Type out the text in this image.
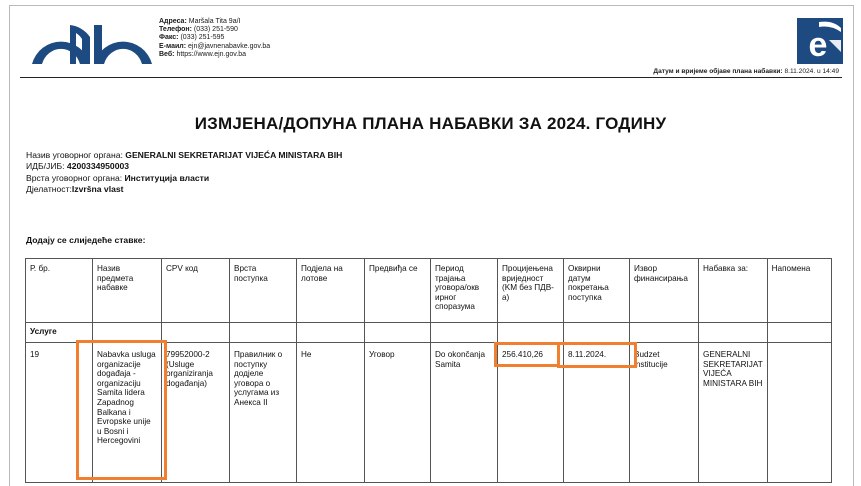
Адреса: Maršala Tita 9a/I
Телефон: (033) 251-590
Факс: (033) 251-595
E-маил: ejn@javnenabavke.gov.ba
Веб: https://www.ejn.gov.ba	e
Датум и вријеме објаве плана набавки: 8.11.2024. u 14:49
ИЗМЈЕНА/ДОПУНА ПЛАНА НАБАВКИ ЗА 2024. ГОДИНУ
Назив уговорног органа: GENERALNI SEKRETARIJAT VIJEĆA MINISTARA BIH
ИДБ/ЈИБ: 4200334950003
Врста уговорног органа: Институција власти
Дјелатност:Izvršna vlast
Додају се слиједеће ставке:
Р. бр.	Назив предмета набавке	CPV код	Врста поступка	Подјела на лотове	Предвиђа се	Период трајања уговора/окв ирног споразума	Процијењена вриједност (KM без ПДВ-а)	Оквирни датум покретања поступка	Извор финансирања	Набавка за:	Напомена
Услуге											
19	Nabavka usluga organizacije događaja - organizaciju Samita lidera Zapadnog Balkana i Evropske unije u Bosni i Hercegovini	79952000-2 (Usluge organiziranja događanja)	Правилник о поступку додјеле уговора о услугама из Анекса II	Не	Уговор	Do okončanja Samita	256.410,26	8.11.2024.	Budzet institucije	GENERALNI SEKRETARIJAT VIJEĆA MINISTARA BIH	
